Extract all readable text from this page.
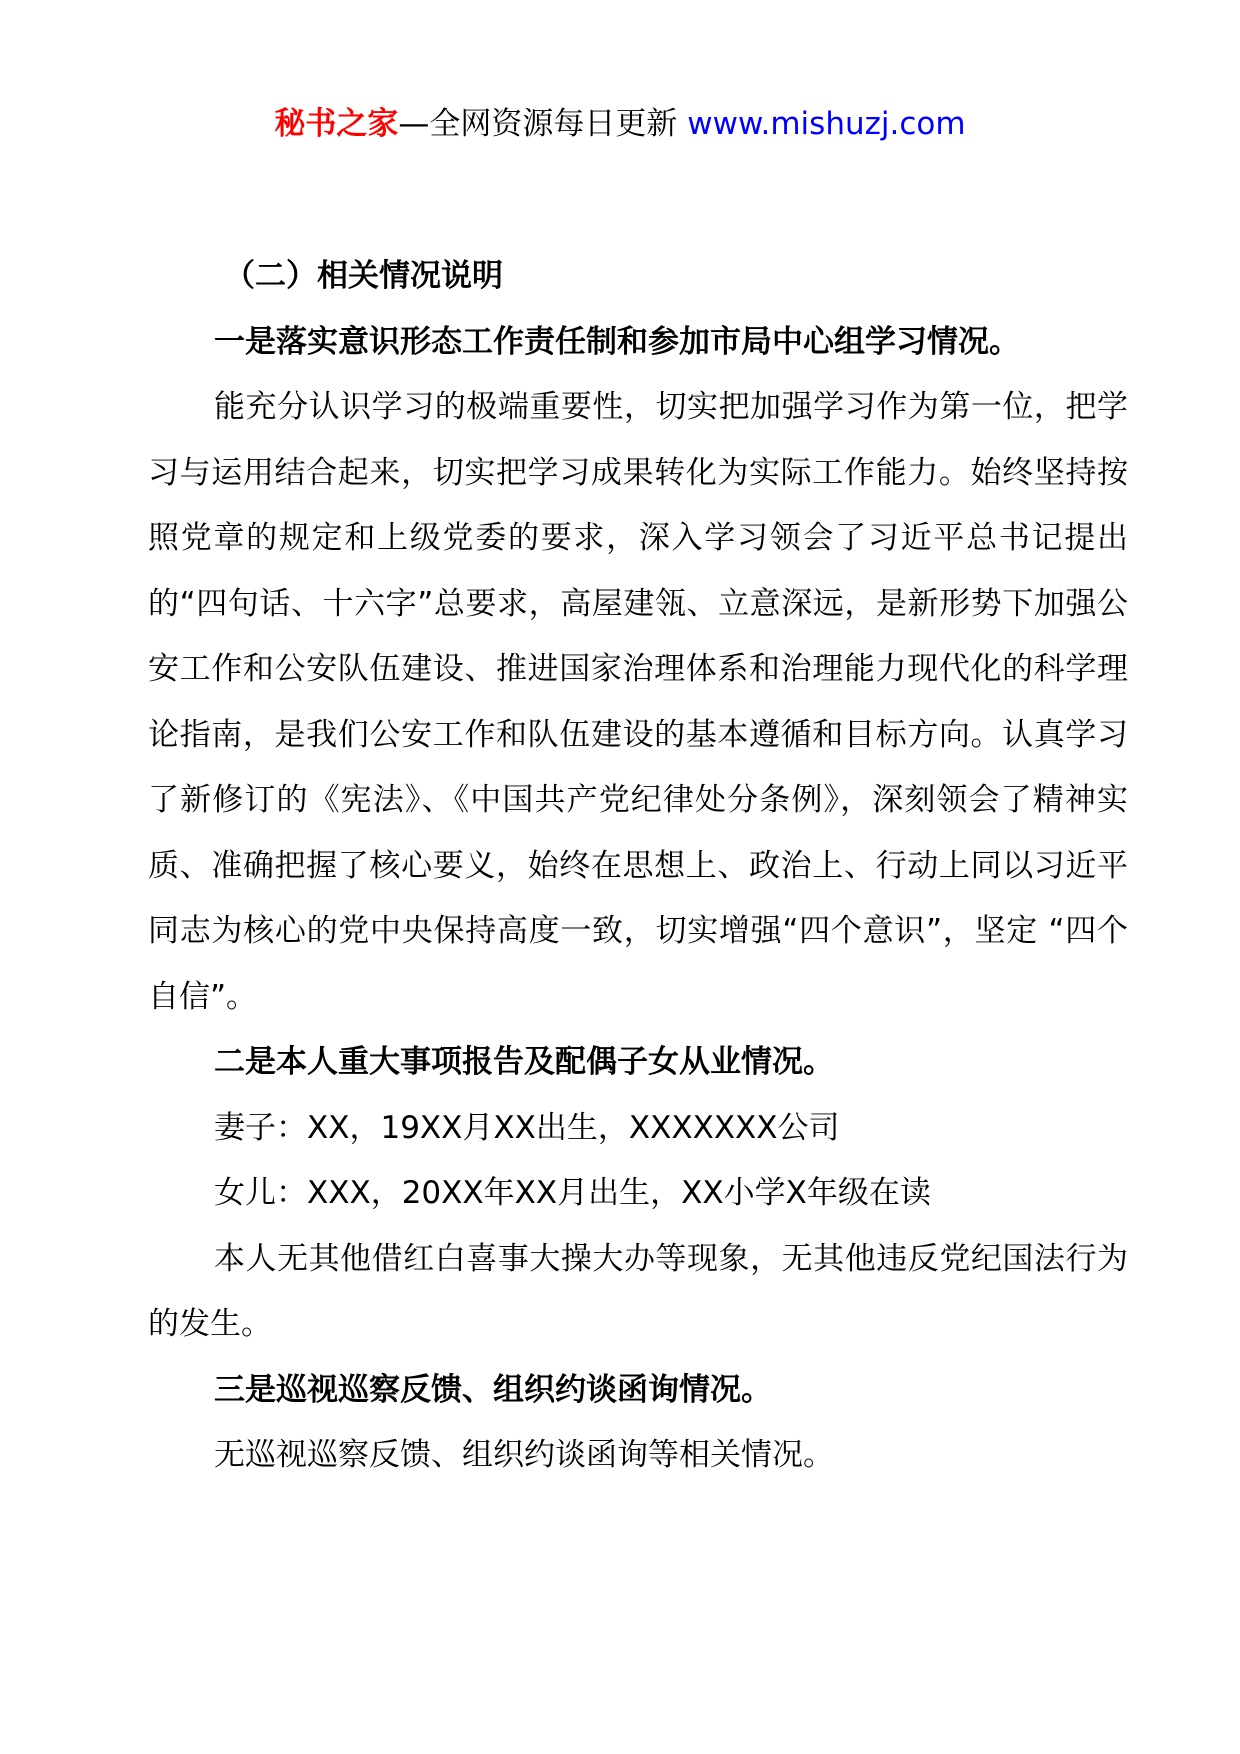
秘书之家—全网资源每日更新 www.mishuzj.com

（二）相关情况说明

一是落实意识形态工作责任制和参加市局中心组学习情况。

能充分认识学习的极端重要性，切实把加强学习作为第一位，把学习与运用结合起来，切实把学习成果转化为实际工作能力。始终坚持按照党章的规定和上级党委的要求，深入学习领会了习近平总书记提出的“四句话、十六字”总要求，高屋建瓴、立意深远，是新形势下加强公安工作和公安队伍建设、推进国家治理体系和治理能力现代化的科学理论指南，是我们公安工作和队伍建设的基本遵循和目标方向。认真学习了新修订的《宪法》、《中国共产党纪律处分条例》，深刻领会了精神实质、准确把握了核心要义，始终在思想上、政治上、行动上同以习近平同志为核心的党中央保持高度一致，切实增强“四个意识”，坚定 “四个自信”。

二是本人重大事项报告及配偶子女从业情况。

妻子：XX，19XX月XX出生，XXXXXXX公司

女儿：XXX，20XX年XX月出生，XX小学X年级在读

本人无其他借红白喜事大操大办等现象，无其他违反党纪国法行为的发生。

三是巡视巡察反馈、组织约谈函询情况。

无巡视巡察反馈、组织约谈函询等相关情况。
